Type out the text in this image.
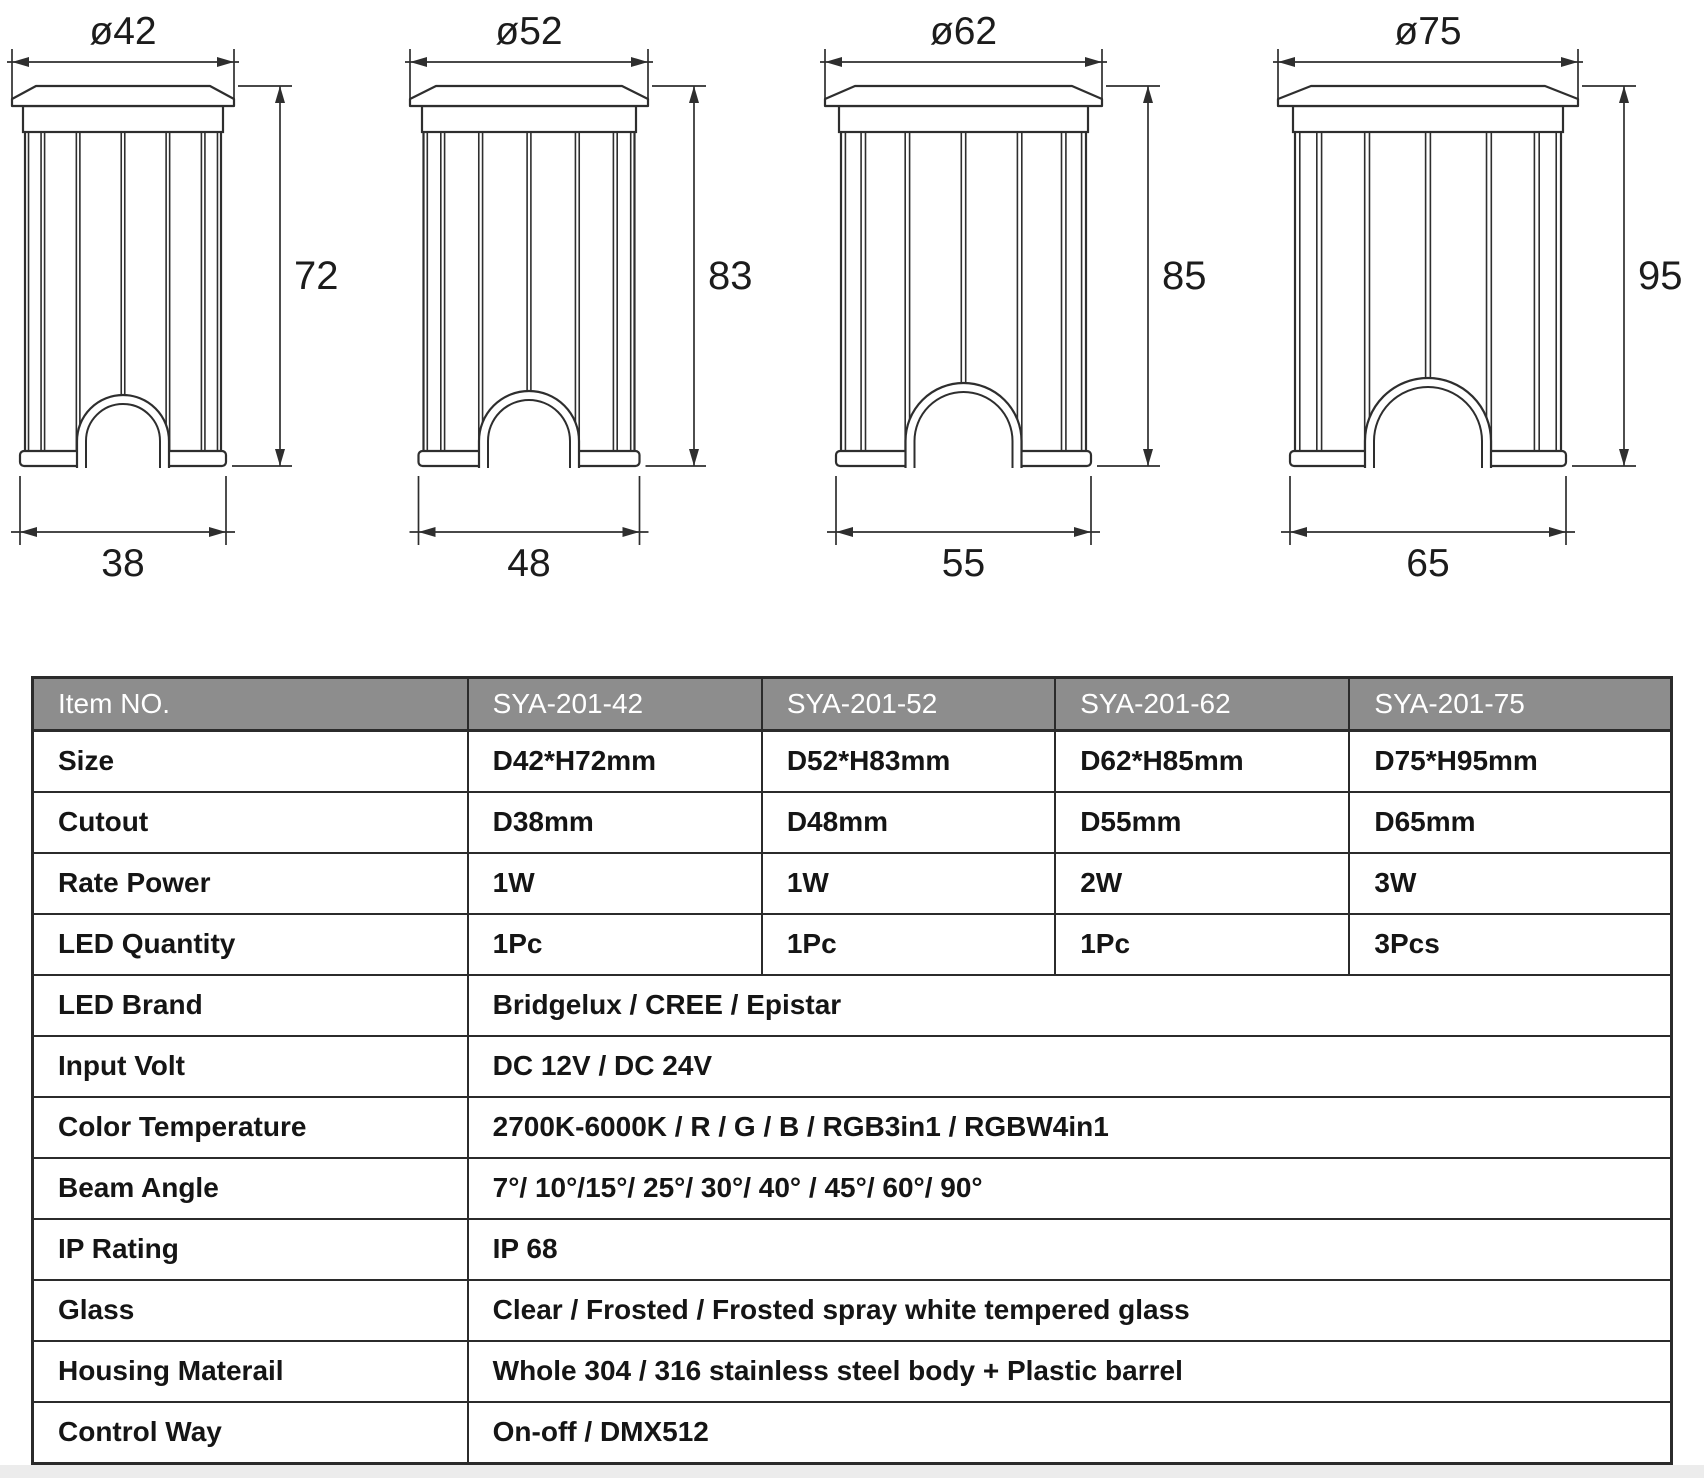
ø42
72
38
ø52
83
48
ø62
85
55
ø75
95
65
Item NO.	SYA-201-42	SYA-201-52	SYA-201-62	SYA-201-75
Size	D42*H72mm	D52*H83mm	D62*H85mm	D75*H95mm
Cutout	D38mm	D48mm	D55mm	D65mm
Rate Power	1W	1W	2W	3W
LED Quantity	1Pc	1Pc	1Pc	3Pcs
LED Brand	Bridgelux / CREE / Epistar			
Input Volt	DC 12V / DC 24V			
Color Temperature	2700K-6000K / R / G / B / RGB3in1 / RGBW4in1			
Beam Angle	7°/ 10°/15°/ 25°/ 30°/ 40° / 45°/ 60°/ 90°			
IP Rating	IP 68			
Glass	Clear / Frosted / Frosted spray white tempered glass			
Housing Materail	Whole 304 / 316 stainless steel body + Plastic barrel			
Control Way	On-off / DMX512			
